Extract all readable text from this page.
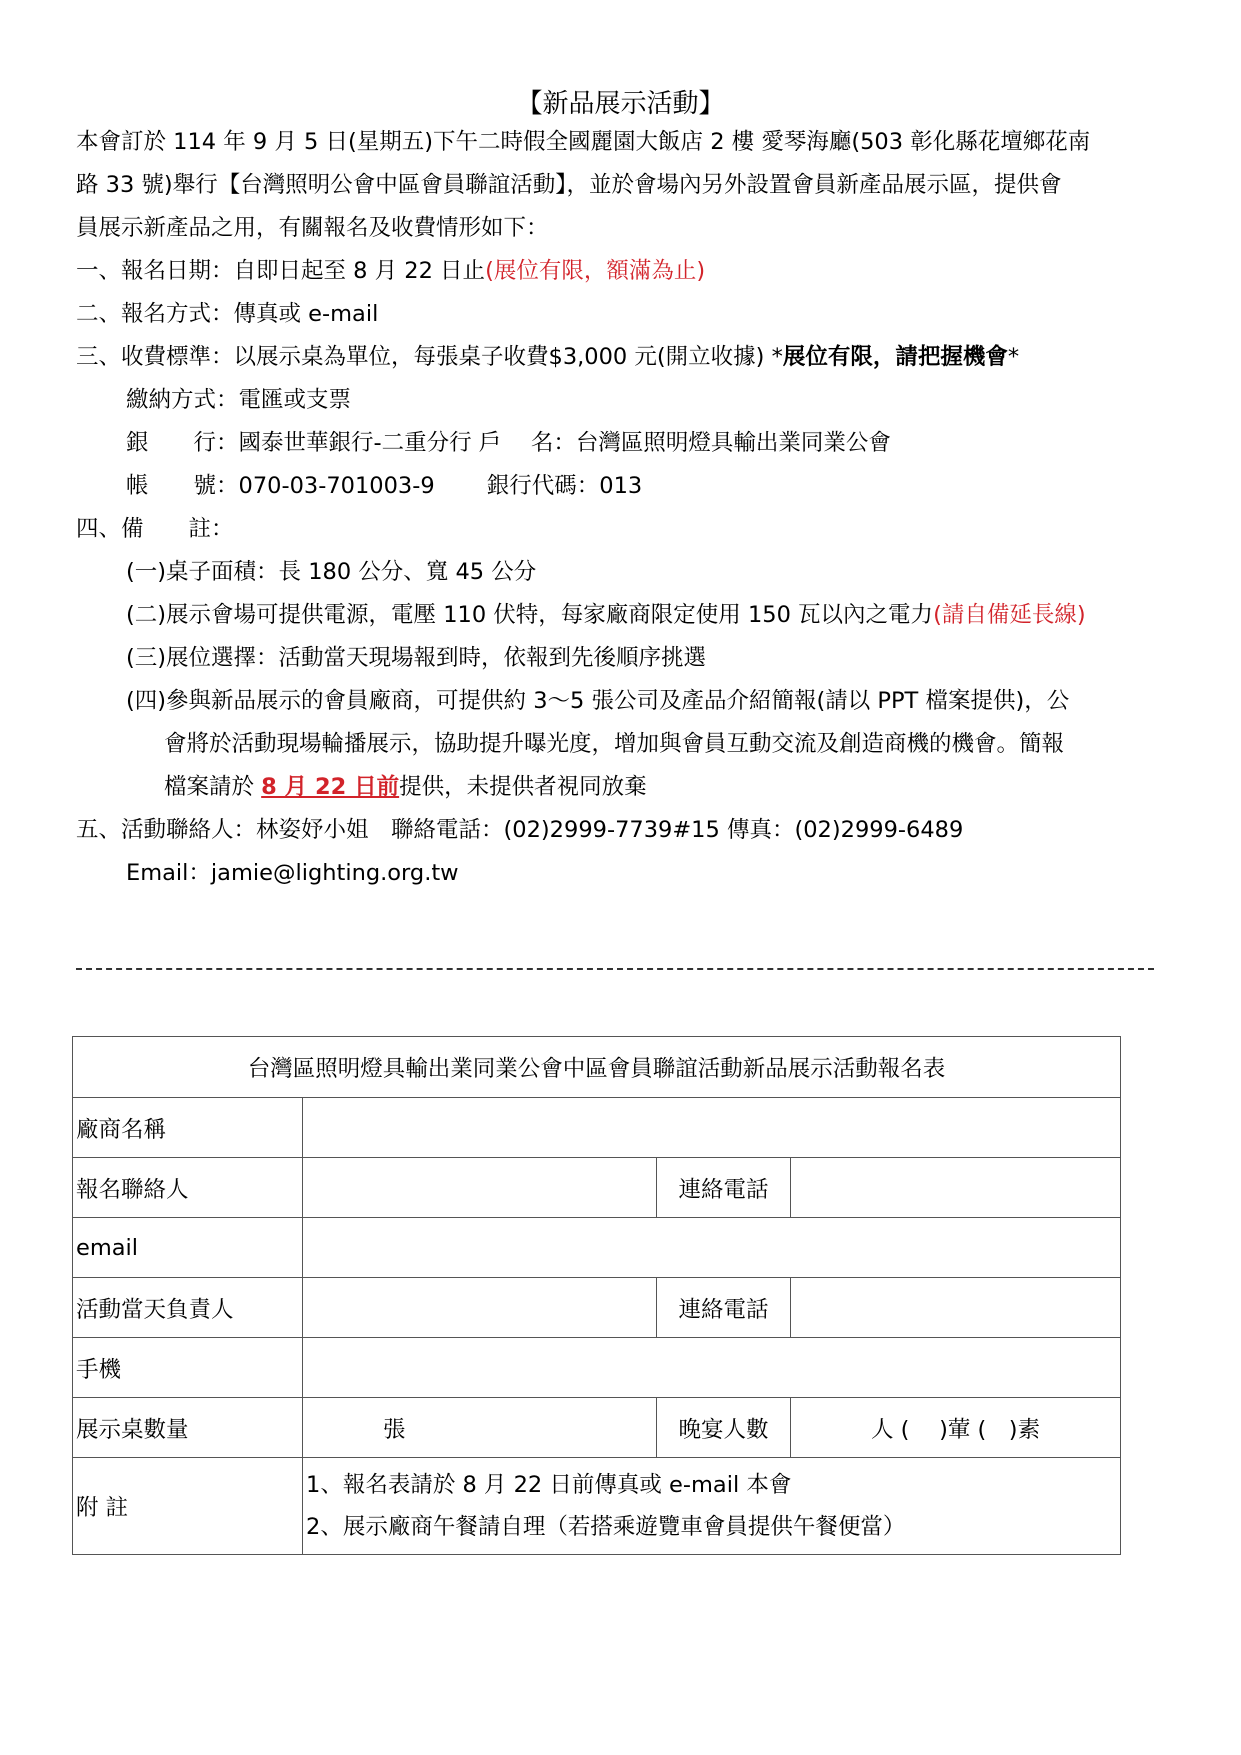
【新品展示活動】
本會訂於 114 年 9 月 5 日(星期五)下午二時假全國麗園大飯店 2 樓 愛琴海廳(503 彰化縣花壇鄉花南
路 33 號)舉行【台灣照明公會中區會員聯誼活動】，並於會場內另外設置會員新產品展示區，提供會
員展示新產品之用，有關報名及收費情形如下：
一、報名日期：自即日起至 8 月 22 日止(展位有限，額滿為止)
二、報名方式：傳真或 e-mail
三、收費標準：以展示桌為單位，每張桌子收費$3,000 元(開立收據) *展位有限，請把握機會*
繳納方式：電匯或支票
銀　　行：國泰世華銀行-二重分行 戶　 名：台灣區照明燈具輸出業同業公會
帳　　號：070-03-701003-9　　 銀行代碼：013
四、備　　註：
(一)桌子面積：長 180 公分、寬 45 公分
(二)展示會場可提供電源，電壓 110 伏特，每家廠商限定使用 150 瓦以內之電力(請自備延長線)
(三)展位選擇：活動當天現場報到時，依報到先後順序挑選
(四)參與新品展示的會員廠商，可提供約 3～5 張公司及產品介紹簡報(請以 PPT 檔案提供)，公
會將於活動現場輪播展示，協助提升曝光度，增加與會員互動交流及創造商機的機會。簡報
檔案請於 8 月 22 日前提供，未提供者視同放棄
五、活動聯絡人：林姿妤小姐　聯絡電話：(02)2999-7739#15 傳真：(02)2999-6489
Email：jamie@lighting.org.tw
台灣區照明燈具輸出業同業公會中區會員聯誼活動新品展示活動報名表			
廠商名稱			
報名聯絡人		連絡電話	
email			
活動當天負責人		連絡電話	
手機			
展示桌數量	張	晚宴人數	人 (　 )葷 (　)素
附 註	1、報名表請於 8 月 22 日前傳真或 e-mail 本會
2、展示廠商午餐請自理（若搭乘遊覽車會員提供午餐便當）		
